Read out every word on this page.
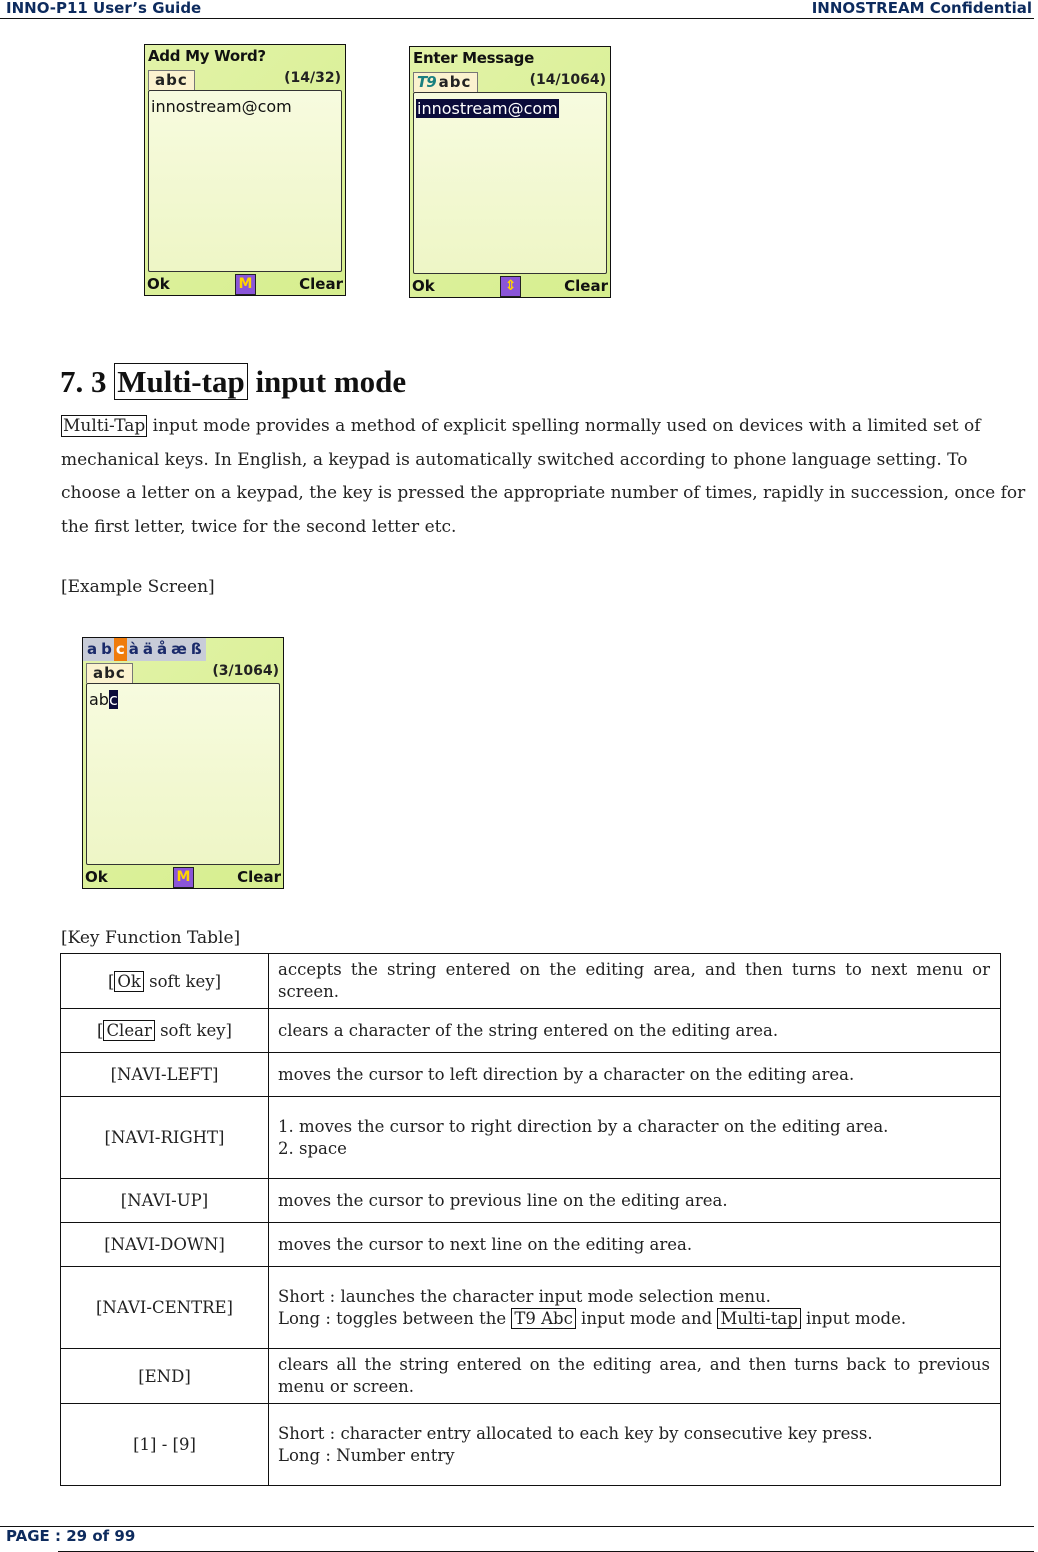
INNO-P11 User’s Guide	INNOSTREAM Confidential
Add My Word?
abc	(14/32)
innostream@com
Ok	M	Clear
Enter Message
T9 abc	(14/1064)
innostream@com
Ok	⇕	Clear
7. 3 Multi-tap input mode
Multi-Tap input mode provides a method of explicit spelling normally used on devices with a limited set of mechanical keys. In English, a keypad is automatically switched according to phone language setting. To choose a letter on a keypad, the key is pressed the appropriate number of times, rapidly in succession, once for the first letter, twice for the second letter etc.
[Example Screen]
a b c à ä å æ ß
abc	(3/1064)
abc
Ok	M	Clear
[Key Function Table]
[ Ok soft key]	accepts the string entered on the editing area, and then turns to next menu or screen.
[ Clear soft key]	clears a character of the string entered on the editing area.
[NAVI-LEFT]	moves the cursor to left direction by a character on the editing area.
[NAVI-RIGHT]	1. moves the cursor to right direction by a character on the editing area.
2. space

[NAVI-UP]	moves the cursor to previous line on the editing area.
[NAVI-DOWN]	moves the cursor to next line on the editing area.
[NAVI-CENTRE]	Short : launches the character input mode selection menu.
Long : toggles between the T9 Abc input mode and Multi-tap input mode.

[END]	clears all the string entered on the editing area, and then turns back to previous menu or screen.
[1] - [9]	Short : character entry allocated to each key by consecutive key press.
Long : Number entry
PAGE : 29 of 99
